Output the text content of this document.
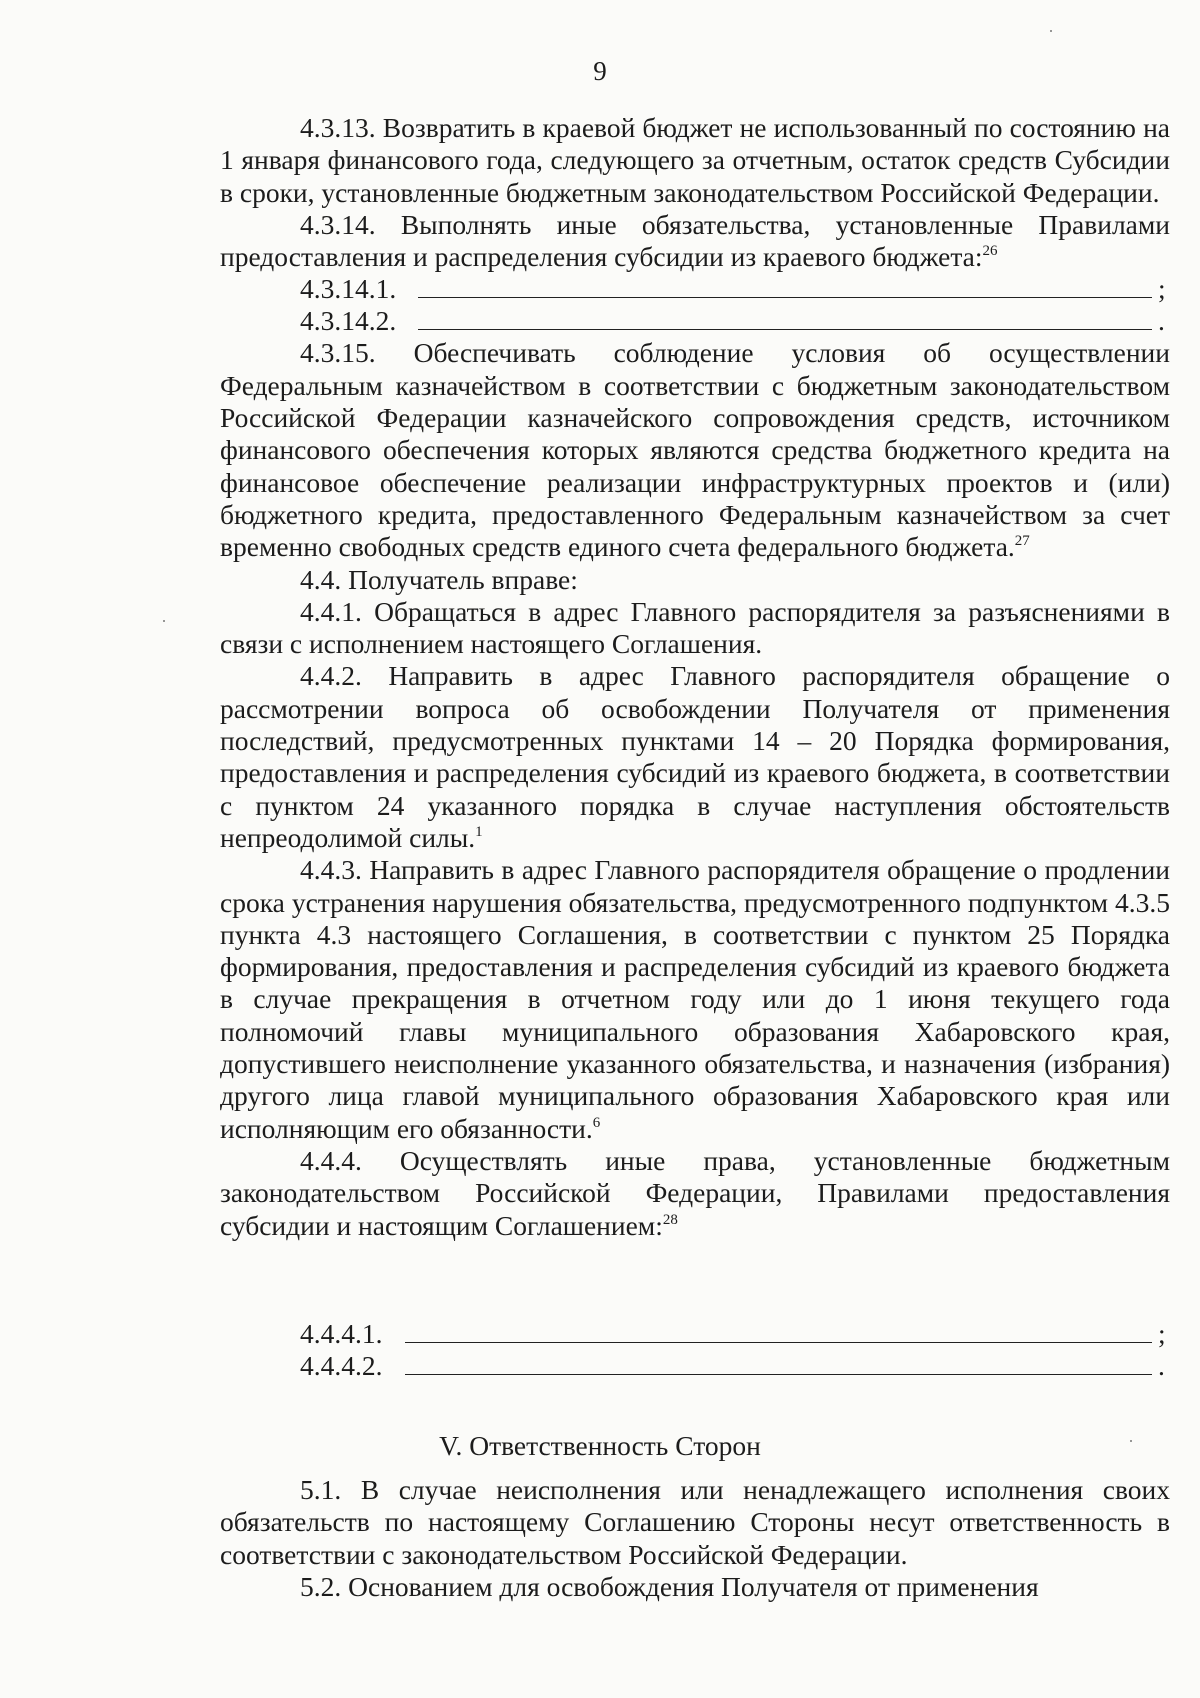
9

4.3.13. Возвратить в краевой бюджет не использованный по состоянию на 1 января финансового года, следующего за отчетным, остаток средств Субсидии в сроки, установленные бюджетным законодательством Российской Федерации.

4.3.14. Выполнять иные обязательства, установленные Правилами предоставления и распределения субсидии из краевого бюджета:$^{26}$

4.3.14.1.	;
4.3.14.2.	.

4.3.15. Обеспечивать соблюдение условия об осуществлении Федеральным казначейством в соответствии с бюджетным законодательством Российской Федерации казначейского сопровождения средств, источником финансового обеспечения которых являются средства бюджетного кредита на финансовое обеспечение реализации инфраструктурных проектов и (или) бюджетного кредита, предоставленного Федеральным казначейством за счет временно свободных средств единого счета федерального бюджета.$^{27}$

4.4. Получатель вправе:

4.4.1. Обращаться в адрес Главного распорядителя за разъяснениями в связи с исполнением настоящего Соглашения.

4.4.2. Направить в адрес Главного распорядителя обращение о рассмотрении вопроса об освобождении Получателя от применения последствий, предусмотренных пунктами 14 – 20 Порядка формирования, предоставления и распределения субсидий из краевого бюджета, в соответствии с пунктом 24 указанного порядка в случае наступления обстоятельств непреодолимой силы.$^1$

4.4.3. Направить в адрес Главного распорядителя обращение о продлении срока устранения нарушения обязательства, предусмотренного подпунктом 4.3.5 пункта 4.3 настоящего Соглашения, в соответствии с пунктом 25 Порядка формирования, предоставления и распределения субсидий из краевого бюджета в случае прекращения в отчетном году или до 1 июня текущего года полномочий главы муниципального образования Хабаровского края, допустившего неисполнение указанного обязательства, и назначения (избрания) другого лица главой муниципального образования Хабаровского края или исполняющим его обязанности.$^6$

4.4.4. Осуществлять иные права, установленные бюджетным законодательством Российской Федерации, Правилами предоставления субсидии и настоящим Соглашением:$^{28}$

4.4.4.1.	;
4.4.4.2.	.
V. Ответственность Сторон

5.1. В случае неисполнения или ненадлежащего исполнения своих обязательств по настоящему Соглашению Стороны несут ответственность в соответствии с законодательством Российской Федерации.

5.2. Основанием для освобождения Получателя от применения
